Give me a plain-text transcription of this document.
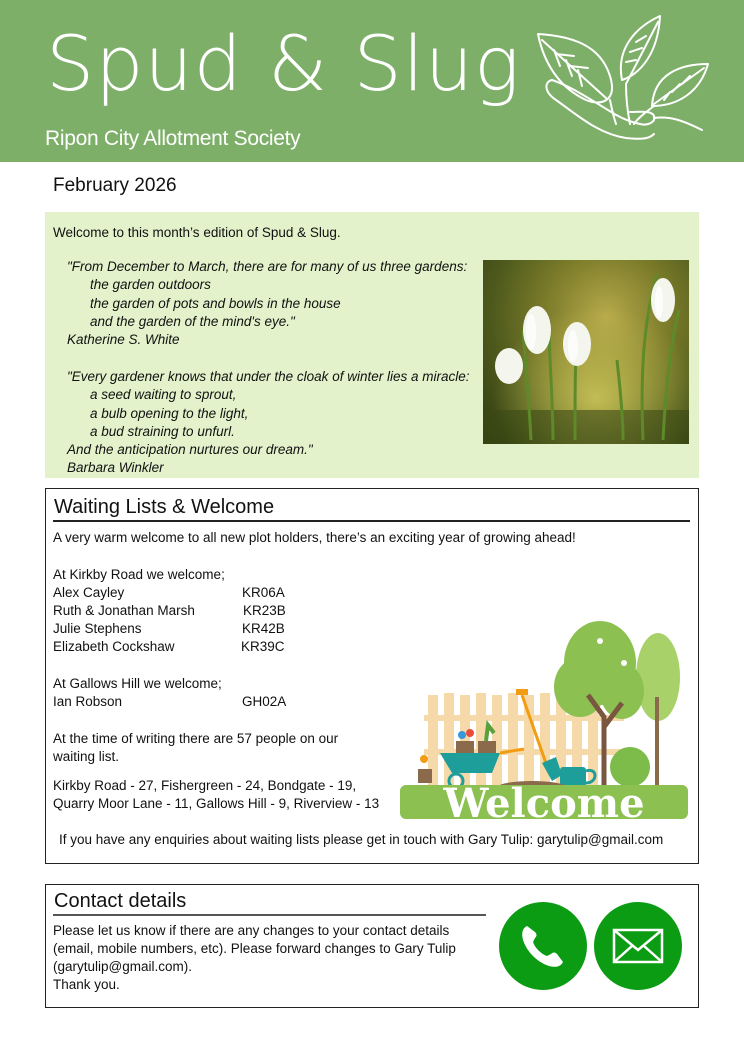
Spud & Slug
Ripon City Allotment Society
February 2026
Welcome to this month’s edition of Spud & Slug.
"From December to March, there are for many of us three gardens:
the garden outdoors
the garden of pots and bowls in the house
and the garden of the mind's eye."
Katherine S. White
"Every gardener knows that under the cloak of winter lies a miracle:
a seed waiting to sprout,
a bulb opening to the light,
a bud straining to unfurl.
And the anticipation nurtures our dream."
Barbara Winkler
Waiting Lists & Welcome
A very warm welcome to all new plot holders, there’s an exciting year of growing ahead!
At Kirkby Road we welcome;
Alex Cayley	KR06A
Ruth & Jonathan Marsh	KR23B
Julie Stephens	KR42B
Elizabeth Cockshaw	KR39C
At Gallows Hill we welcome;
Ian Robson	GH02A
At the time of writing there are 57 people on our
waiting list.
Kirkby Road - 27, Fishergreen - 24, Bondgate - 19,
Quarry Moor Lane - 11, Gallows Hill - 9, Riverview - 13
If you have any enquiries about waiting lists please get in touch with Gary Tulip: garytulip@gmail.com
Welcome
Contact details
Please let us know if there are any changes to your contact details
(email, mobile numbers, etc). Please forward changes to Gary Tulip
(garytulip@gmail.com).
Thank you.
